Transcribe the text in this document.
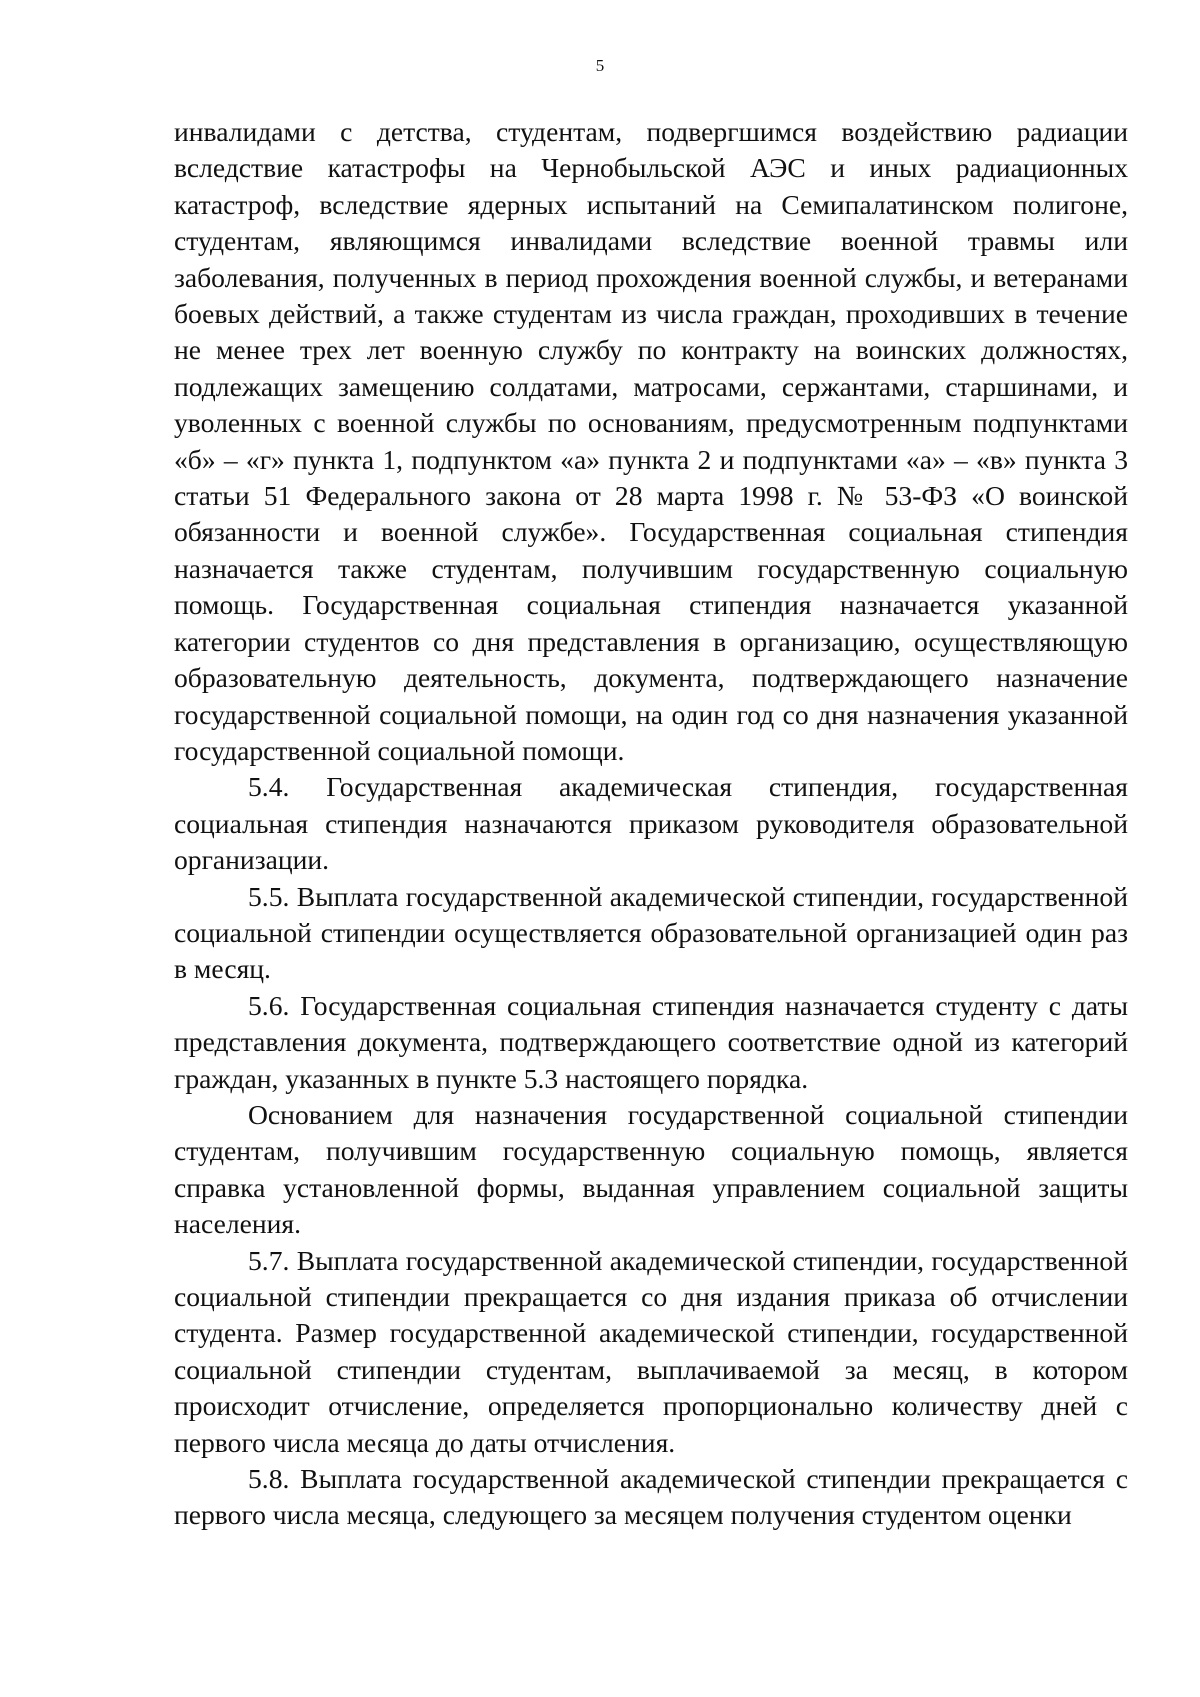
5

инвалидами с детства, студентам, подвергшимся воздействию радиации вследствие катастрофы на Чернобыльской АЭС и иных радиационных катастроф, вследствие ядерных испытаний на Семипалатинском полигоне, студентам, являющимся инвалидами вследствие военной травмы или заболевания, полученных в период прохождения военной службы, и ветеранами боевых действий, а также студентам из числа граждан, проходивших в течение не менее трех лет военную службу по контракту на воинских должностях, подлежащих замещению солдатами, матросами, сержантами, старшинами, и уволенных с военной службы по основаниям, предусмотренным подпунктами «б» – «г» пункта 1, подпунктом «а» пункта 2 и подпунктами «а» – «в» пункта 3 статьи 51 Федерального закона от 28 марта 1998 г. № 53-ФЗ «О воинской обязанности и военной службе». Государственная социальная стипендия назначается также студентам, получившим государственную социальную помощь. Государственная социальная стипендия назначается указанной категории студентов со дня представления в организацию, осуществляющую образовательную деятельность, документа, подтверждающего назначение государственной социальной помощи, на один год со дня назначения указанной государственной социальной помощи.

5.4. Государственная академическая стипендия, государственная социальная стипендия назначаются приказом руководителя образовательной организации.

5.5. Выплата государственной академической стипендии, государственной социальной стипендии осуществляется образовательной организацией один раз в месяц.

5.6. Государственная социальная стипендия назначается студенту с даты представления документа, подтверждающего соответствие одной из категорий граждан, указанных в пункте 5.3 настоящего порядка.

Основанием для назначения государственной социальной стипендии студентам, получившим государственную социальную помощь, является справка установленной формы, выданная управлением социальной защиты населения.

5.7. Выплата государственной академической стипендии, государственной социальной стипендии прекращается со дня издания приказа об отчислении студента. Размер государственной академической стипендии, государственной социальной стипендии студентам, выплачиваемой за месяц, в котором происходит отчисление, определяется пропорционально количеству дней с первого числа месяца до даты отчисления.

5.8. Выплата государственной академической стипендии прекращается с первого числа месяца, следующего за месяцем получения студентом оценки
